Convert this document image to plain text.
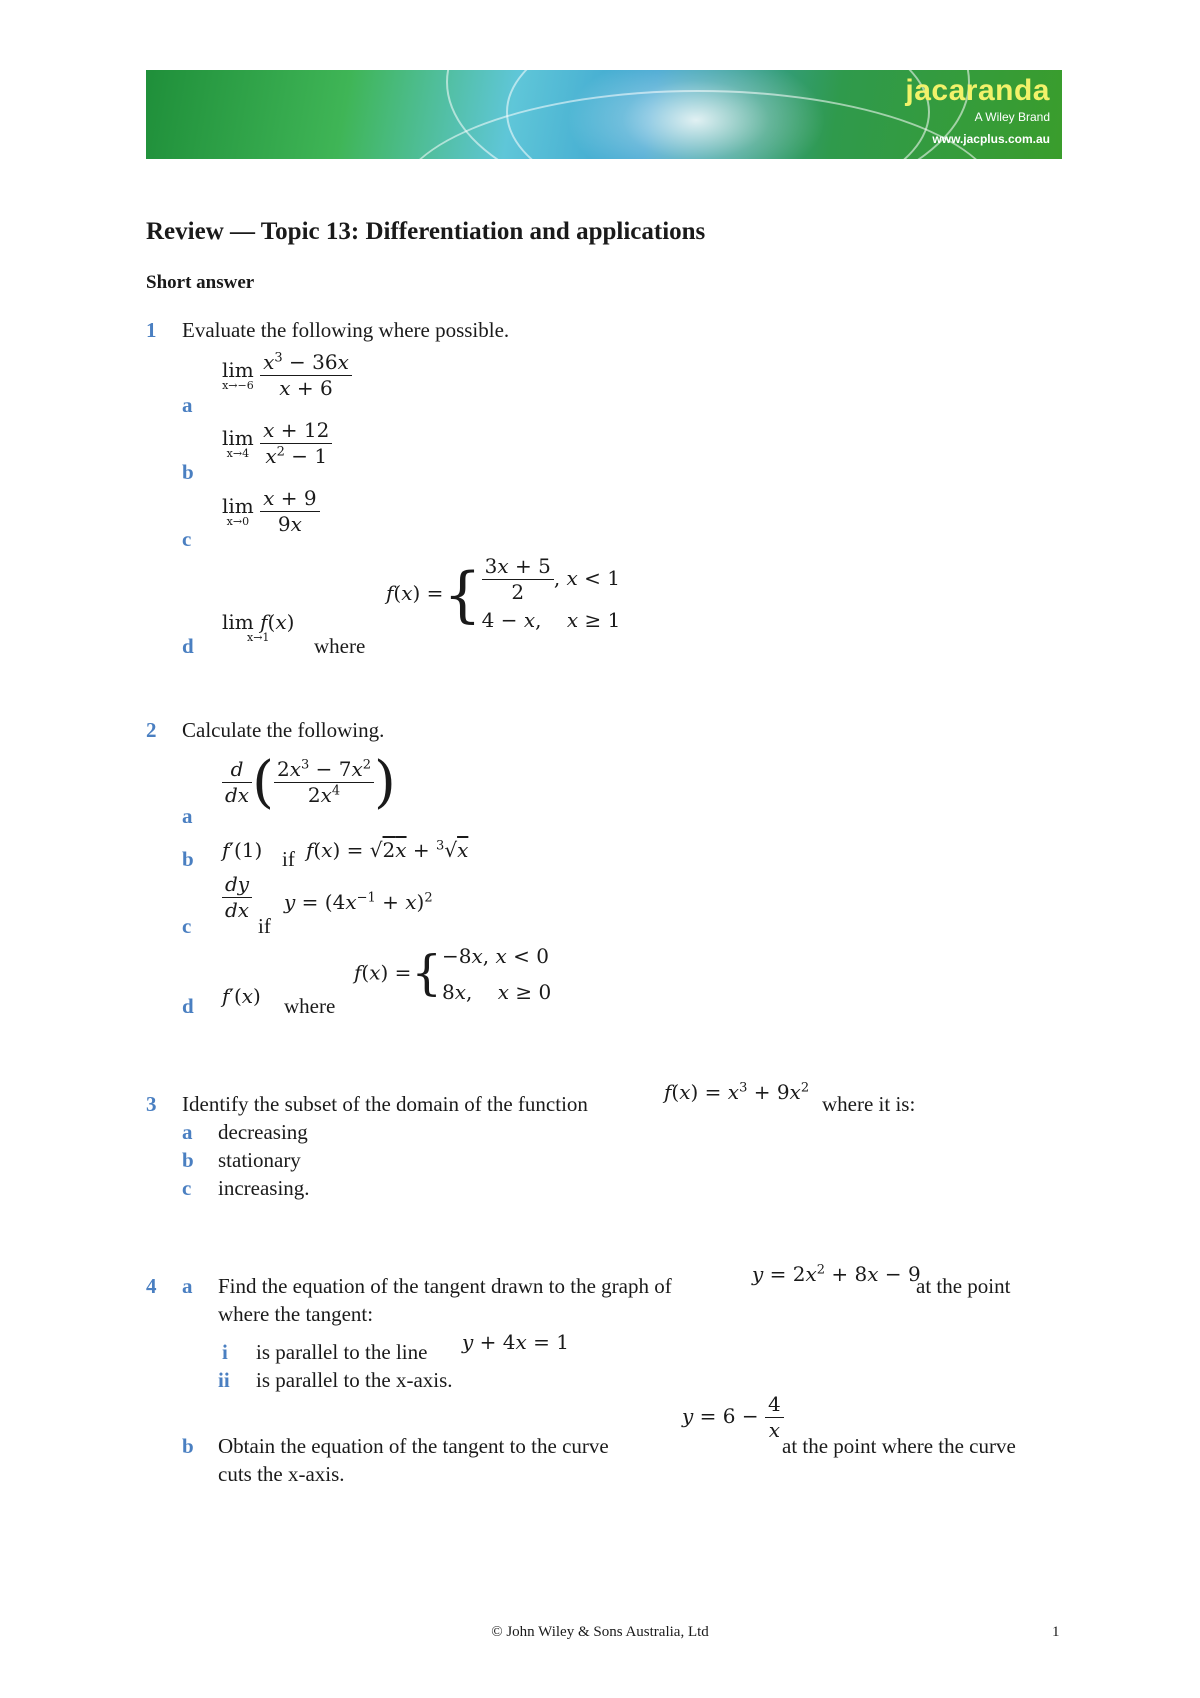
jacaranda
A Wiley Brand
www.jacplus.com.au
Review — Topic 13: Differentiation and applications
Short answer
1 Evaluate the following where possible.
a
lim
x→−6
$\frac{x^3 - 36x}{x + 6}$
b
lim
x→4
$\frac{x + 12}{x^2 - 1}$
c
lim
x→0
$\frac{x + 9}{9x}$
d
lim f(x)
x→1	where
f(x) ={ $\frac{3x + 5}{2}$ , x < 1
4 − x,    x ≥ 1
2 Calculate the following.
a
$\frac{d}{dx}$ ( $\frac{2x^3 - 7x^2}{2x^4}$ )
b f′(1) if f(x) = √2x + $^3$√x
c
$\frac{dy}{dx}$
if
$y = (4x^{-1} + x)^2$
d f′(x) where
f(x) ={−8x, x < 0
8x,    x ≥ 0
3 Identify the subset of the domain of the function	$f(x) = x^3 + 9x^2$
where it is:
a decreasing
b stationary
c increasing.
4 a Find the equation of the tangent drawn to the graph of	$y = 2x^2 + 8x - 9$
at the point
where the tangent:
i is parallel to the line y + 4x = 1
ii is parallel to the x-axis.
b Obtain the equation of the tangent to the curve
$y = 6 - \frac{4}{x}$
at the point where the curve
cuts the x-axis.
© John Wiley & Sons Australia, Ltd	1
